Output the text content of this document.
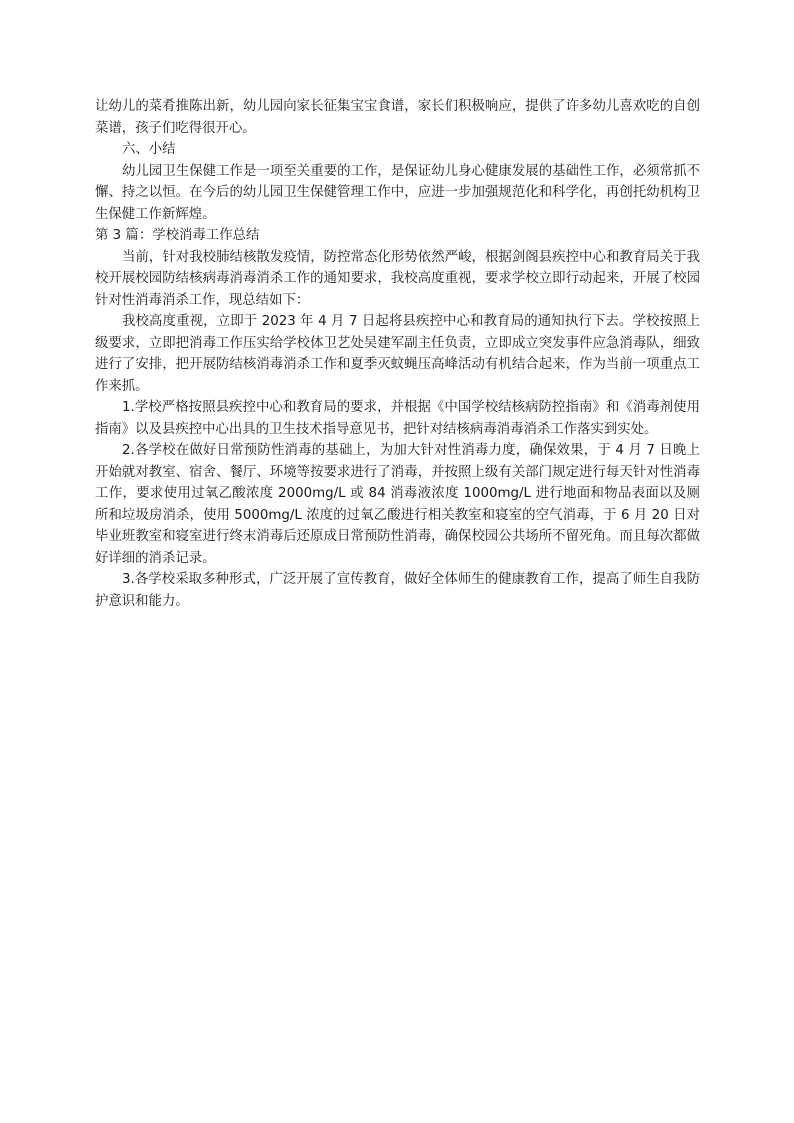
让幼儿的菜肴推陈出新，幼儿园向家长征集宝宝食谱，家长们积极响应，提供了许多幼儿喜欢吃的自创菜谱，孩子们吃得很开心。

六、小结

幼儿园卫生保健工作是一项至关重要的工作，是保证幼儿身心健康发展的基础性工作，必须常抓不懈、持之以恒。在今后的幼儿园卫生保健管理工作中，应进一步加强规范化和科学化，再创托幼机构卫生保健工作新辉煌。

第 3 篇：学校消毒工作总结

当前，针对我校肺结核散发疫情，防控常态化形势依然严峻，根据剑阁县疾控中心和教育局关于我校开展校园防结核病毒消毒消杀工作的通知要求，我校高度重视，要求学校立即行动起来，开展了校园针对性消毒消杀工作，现总结如下：

我校高度重视，立即于 2023 年 4 月 7 日起将县疾控中心和教育局的通知执行下去。学校按照上级要求，立即把消毒工作压实给学校体卫艺处吴建军副主任负责，立即成立突发事件应急消毒队，细致进行了安排，把开展防结核消毒消杀工作和夏季灭蚊蝇压高峰活动有机结合起来，作为当前一项重点工作来抓。

1.学校严格按照县疾控中心和教育局的要求，并根据《中国学校结核病防控指南》和《消毒剂使用指南》以及县疾控中心出具的卫生技术指导意见书，把针对结核病毒消毒消杀工作落实到实处。

2.各学校在做好日常预防性消毒的基础上，为加大针对性消毒力度，确保效果，于 4 月 7 日晚上开始就对教室、宿舍、餐厅、环境等按要求进行了消毒，并按照上级有关部门规定进行每天针对性消毒工作，要求使用过氧乙酸浓度 2000mg/L 或 84 消毒液浓度 1000mg/L 进行地面和物品表面以及厕所和垃圾房消杀，使用 5000mg/L 浓度的过氧乙酸进行相关教室和寝室的空气消毒，于 6 月 20 日对毕业班教室和寝室进行终末消毒后还原成日常预防性消毒，确保校园公共场所不留死角。而且每次都做好详细的消杀记录。

3.各学校采取多种形式，广泛开展了宣传教育，做好全体师生的健康教育工作，提高了师生自我防护意识和能力。
